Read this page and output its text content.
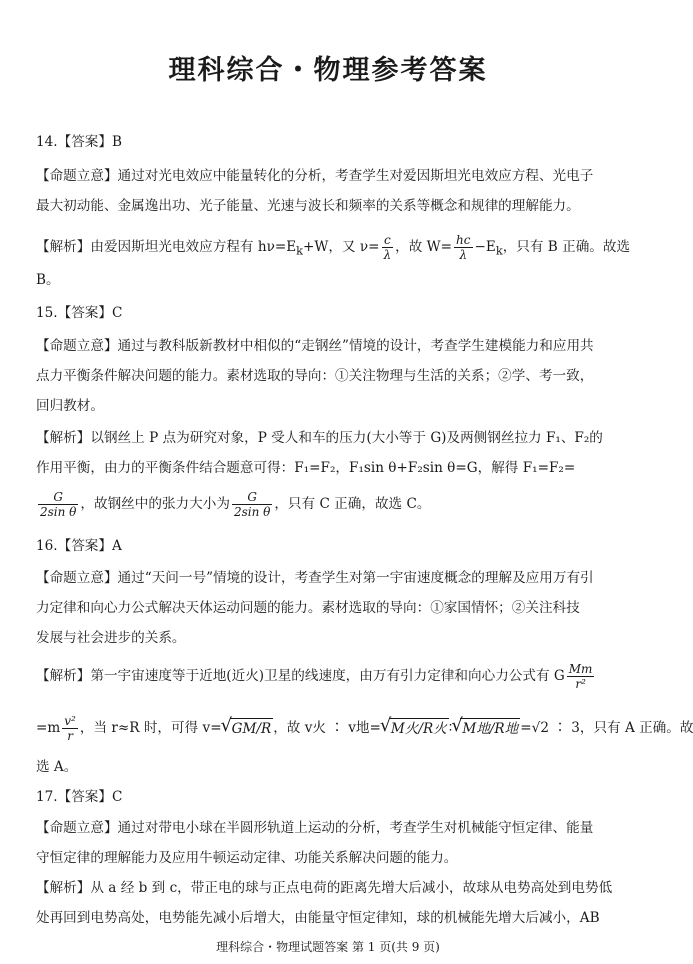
理科综合・物理参考答案
14.【答案】B
【命题立意】通过对光电效应中能量转化的分析，考查学生对爱因斯坦光电效应方程、光电子
最大初动能、金属逸出功、光子能量、光速与波长和频率的关系等概念和规律的理解能力。
【解析】由爱因斯坦光电效应方程有 $h\nu=E_k+W$，又 $\nu= \frac{c}{\lambda}$ ，故 $W= \frac{hc}{\lambda} -E_k$，只有 B 正确。故选
B。
15.【答案】C
【命题立意】通过与教科版新教材中相似的“走钢丝”情境的设计，考查学生建模能力和应用共
点力平衡条件解决问题的能力。素材选取的导向：①关注物理与生活的关系；②学、考一致，
回归教材。
【解析】以钢丝上 P 点为研究对象，P 受人和车的压力(大小等于 G)及两侧钢丝拉力 F₁、F₂的
作用平衡，由力的平衡条件结合题意可得：F₁=F₂，F₁sin θ+F₂sin θ=G，解得 F₁=F₂=
$\frac{G}{\text{2sin θ}}$ ，故钢丝中的张力大小为 $\frac{G}{\text{2sin θ}}$ ，只有 C 正确，故选 C。
16.【答案】A
【命题立意】通过“天问一号”情境的设计，考查学生对第一宇宙速度概念的理解及应用万有引
力定律和向心力公式解决天体运动问题的能力。素材选取的导向：①家国情怀；②关注科技
发展与社会进步的关系。
【解析】第一宇宙速度等于近地(近火)卫星的线速度，由万有引力定律和向心力公式有 G $\frac{Mm}{\text{r²}}$
$=m \frac{\text{v²}}{r}$ ，当 r≈R 时，可得 v= √ GM/R ，故 v火 ∶ v地= √ M火/R火 ∶ √ M地/R地 =√2 ∶ 3，只有 A 正确。故
选 A。
17.【答案】C
【命题立意】通过对带电小球在半圆形轨道上运动的分析，考查学生对机械能守恒定律、能量
守恒定律的理解能力及应用牛顿运动定律、功能关系解决问题的能力。
【解析】从 a 经 b 到 c，带正电的球与正点电荷的距离先增大后减小，故球从电势高处到电势低
处再回到电势高处，电势能先减小后增大，由能量守恒定律知，球的机械能先增大后减小，AB
理科综合・物理试题答案 第 1 页(共 9 页)
